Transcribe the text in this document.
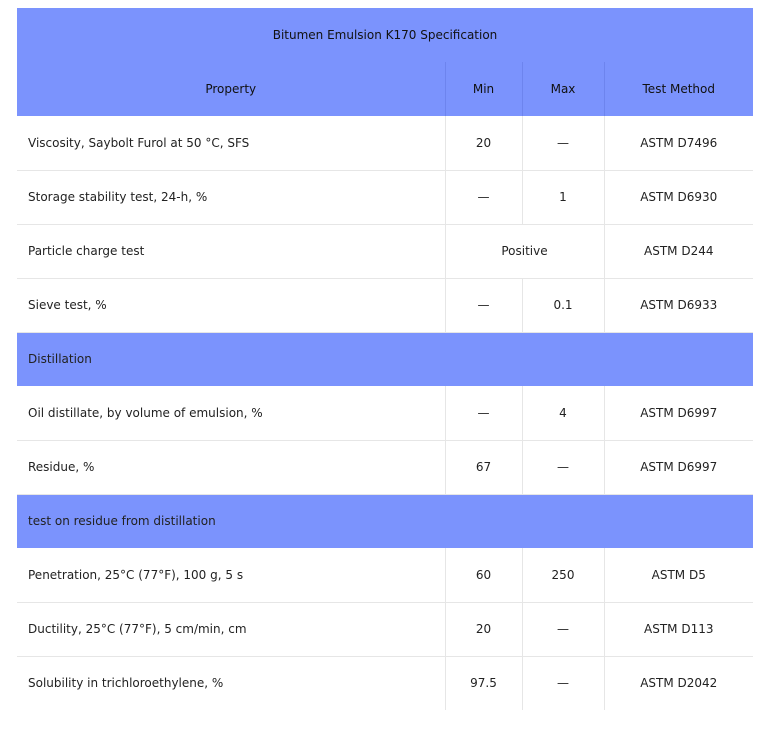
Bitumen Emulsion K170 Specification			
Property	Min	Max	Test Method
Viscosity, Saybolt Furol at 50 °C, SFS	20	—	ASTM D7496
Storage stability test, 24-h, %	—	1	ASTM D6930
Particle charge test	Positive		ASTM D244
Sieve test, %	—	0.1	ASTM D6933
Distillation			
Oil distillate, by volume of emulsion, %	—	4	ASTM D6997
Residue, %	67	—	ASTM D6997
test on residue from distillation			
Penetration, 25°C (77°F), 100 g, 5 s	60	250	ASTM D5
Ductility, 25°C (77°F), 5 cm/min, cm	20	—	ASTM D113
Solubility in trichloroethylene, %	97.5	—	ASTM D2042
